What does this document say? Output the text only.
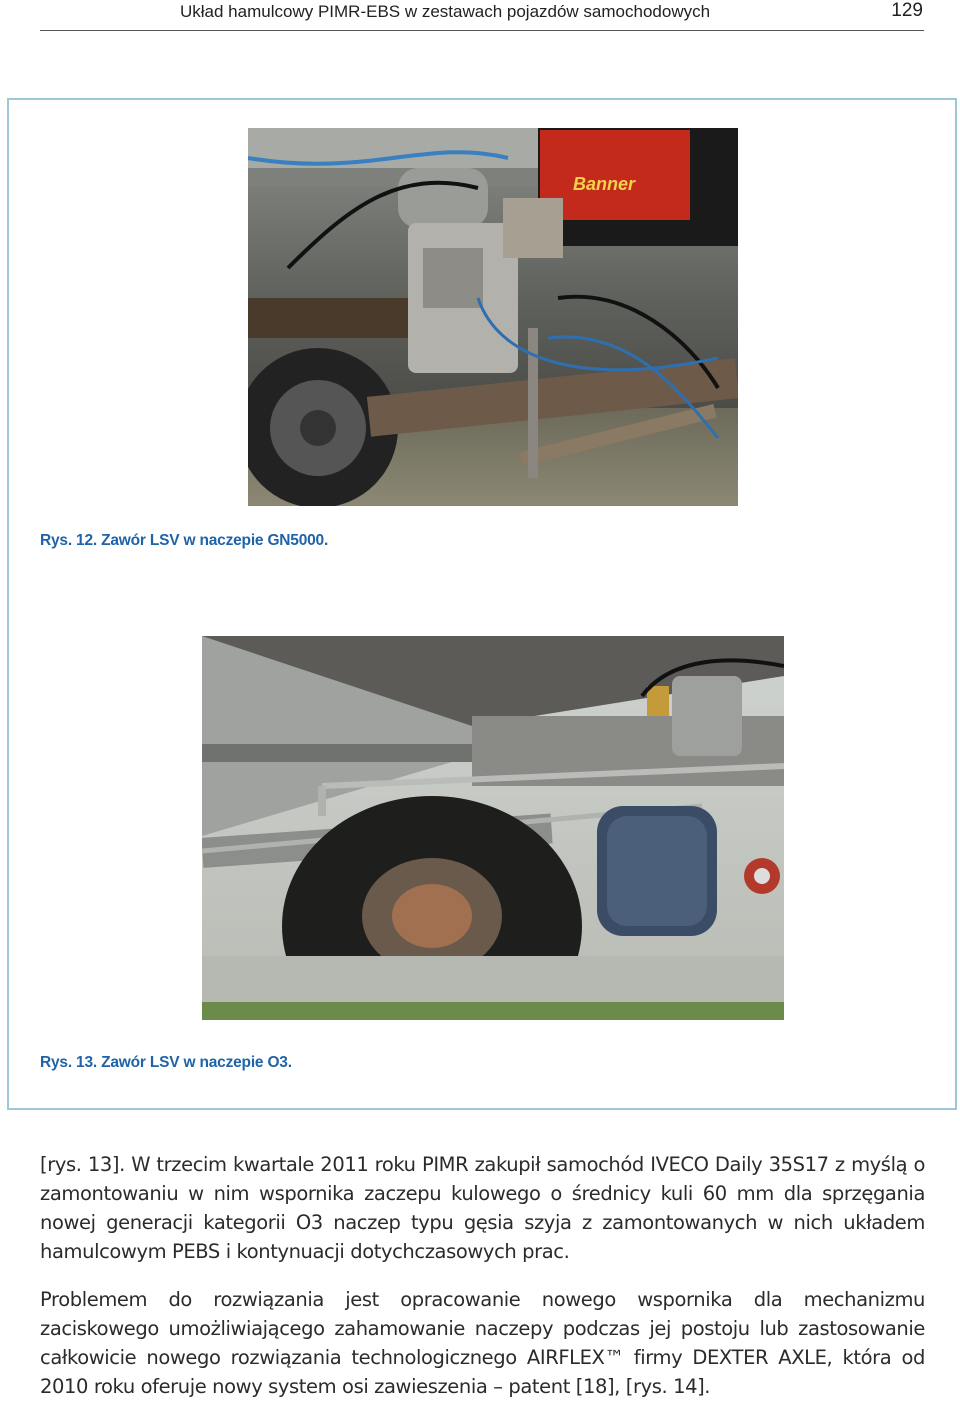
Układ hamulcowy PIMR-EBS w zestawach pojazdów samochodowych	129
Banner
Rys. 12. Zawór LSV w naczepie GN5000.
Rys. 13. Zawór LSV w naczepie O3.

[rys. 13]. W trzecim kwartale 2011 roku PIMR zakupił samochód IVECO Daily 35S17 z myślą o zamontowaniu w nim wspornika zaczepu kulowego o średnicy kuli 60 mm dla sprzęgania nowej generacji kategorii O3 naczep typu gęsia szyja z zamontowanych w nich układem hamulcowym PEBS i kontynuacji dotychczasowych prac.

Problemem do rozwiązania jest opracowanie nowego wspornika dla mechanizmu zaciskowego umożliwiającego zahamowanie naczepy podczas jej postoju lub zastosowanie całkowicie nowego rozwiązania technologicznego AIRFLEX™ firmy DEXTER AXLE, która od 2010 roku oferuje nowy system osi zawieszenia – patent [18], [rys. 14].
